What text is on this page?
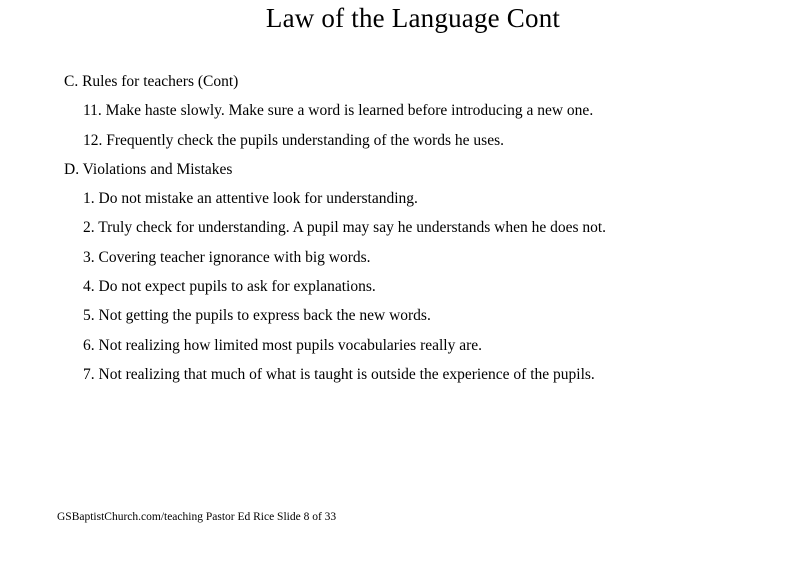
Law of the Language Cont
C. Rules for teachers (Cont)
11. Make haste slowly. Make sure a word is learned before introducing a new one.
12. Frequently check the pupils understanding of the words he uses.
D. Violations and Mistakes
1. Do not mistake an attentive look for understanding.
2. Truly check for understanding. A pupil may say he understands when he does not.
3. Covering teacher ignorance with big words.
4. Do not expect pupils to ask for explanations.
5. Not getting the pupils to express back the new words.
6. Not realizing how limited most pupils vocabularies really are.
7. Not realizing that much of what is taught is outside the experience of the pupils.
GSBaptistChurch.com/teaching Pastor Ed Rice Slide 8 of 33
